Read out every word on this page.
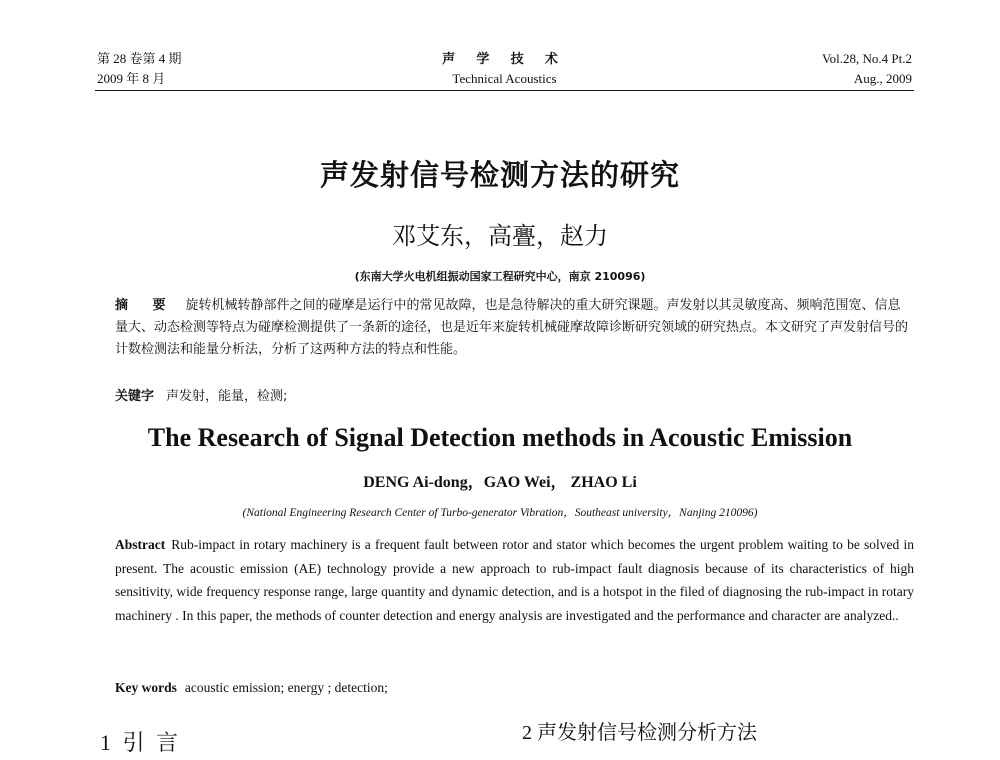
第 28 卷第 4 期	声 学 技 术	Vol.28, No.4 Pt.2
2009 年 8 月	Technical Acoustics	Aug., 2009
声发射信号检测方法的研究
邓艾东，高亹，赵力
(东南大学火电机组振动国家工程研究中心，南京 210096)
摘 要 旋转机械转静部件之间的碰摩是运行中的常见故障，也是急待解决的重大研究课题。声发射以其灵敏度高、频响范围宽、信息量大、动态检测等特点为碰摩检测提供了一条新的途径，也是近年来旋转机械碰摩故障诊断研究领域的研究热点。本文研究了声发射信号的计数检测法和能量分析法，分析了这两种方法的特点和性能。
关键字 声发射，能量，检测;
The Research of Signal Detection methods in Acoustic Emission
DENG Ai-dong，GAO Wei， ZHAO Li
(National Engineering Research Center of Turbo-generator Vibration，Southeast university，Nanjing 210096)
Abstract Rub-impact in rotary machinery is a frequent fault between rotor and stator which becomes the urgent problem waiting to be solved in present. The acoustic emission (AE) technology provide a new approach to rub-impact fault diagnosis because of its characteristics of high sensitivity, wide frequency response range, large quantity and dynamic detection, and is a hotspot in the filed of diagnosing the rub-impact in rotary machinery . In this paper, the methods of counter detection and energy analysis are investigated and the performance and character are analyzed..
Key words acoustic emission; energy ; detection;
1 引 言	2 声发射信号检测分析方法
